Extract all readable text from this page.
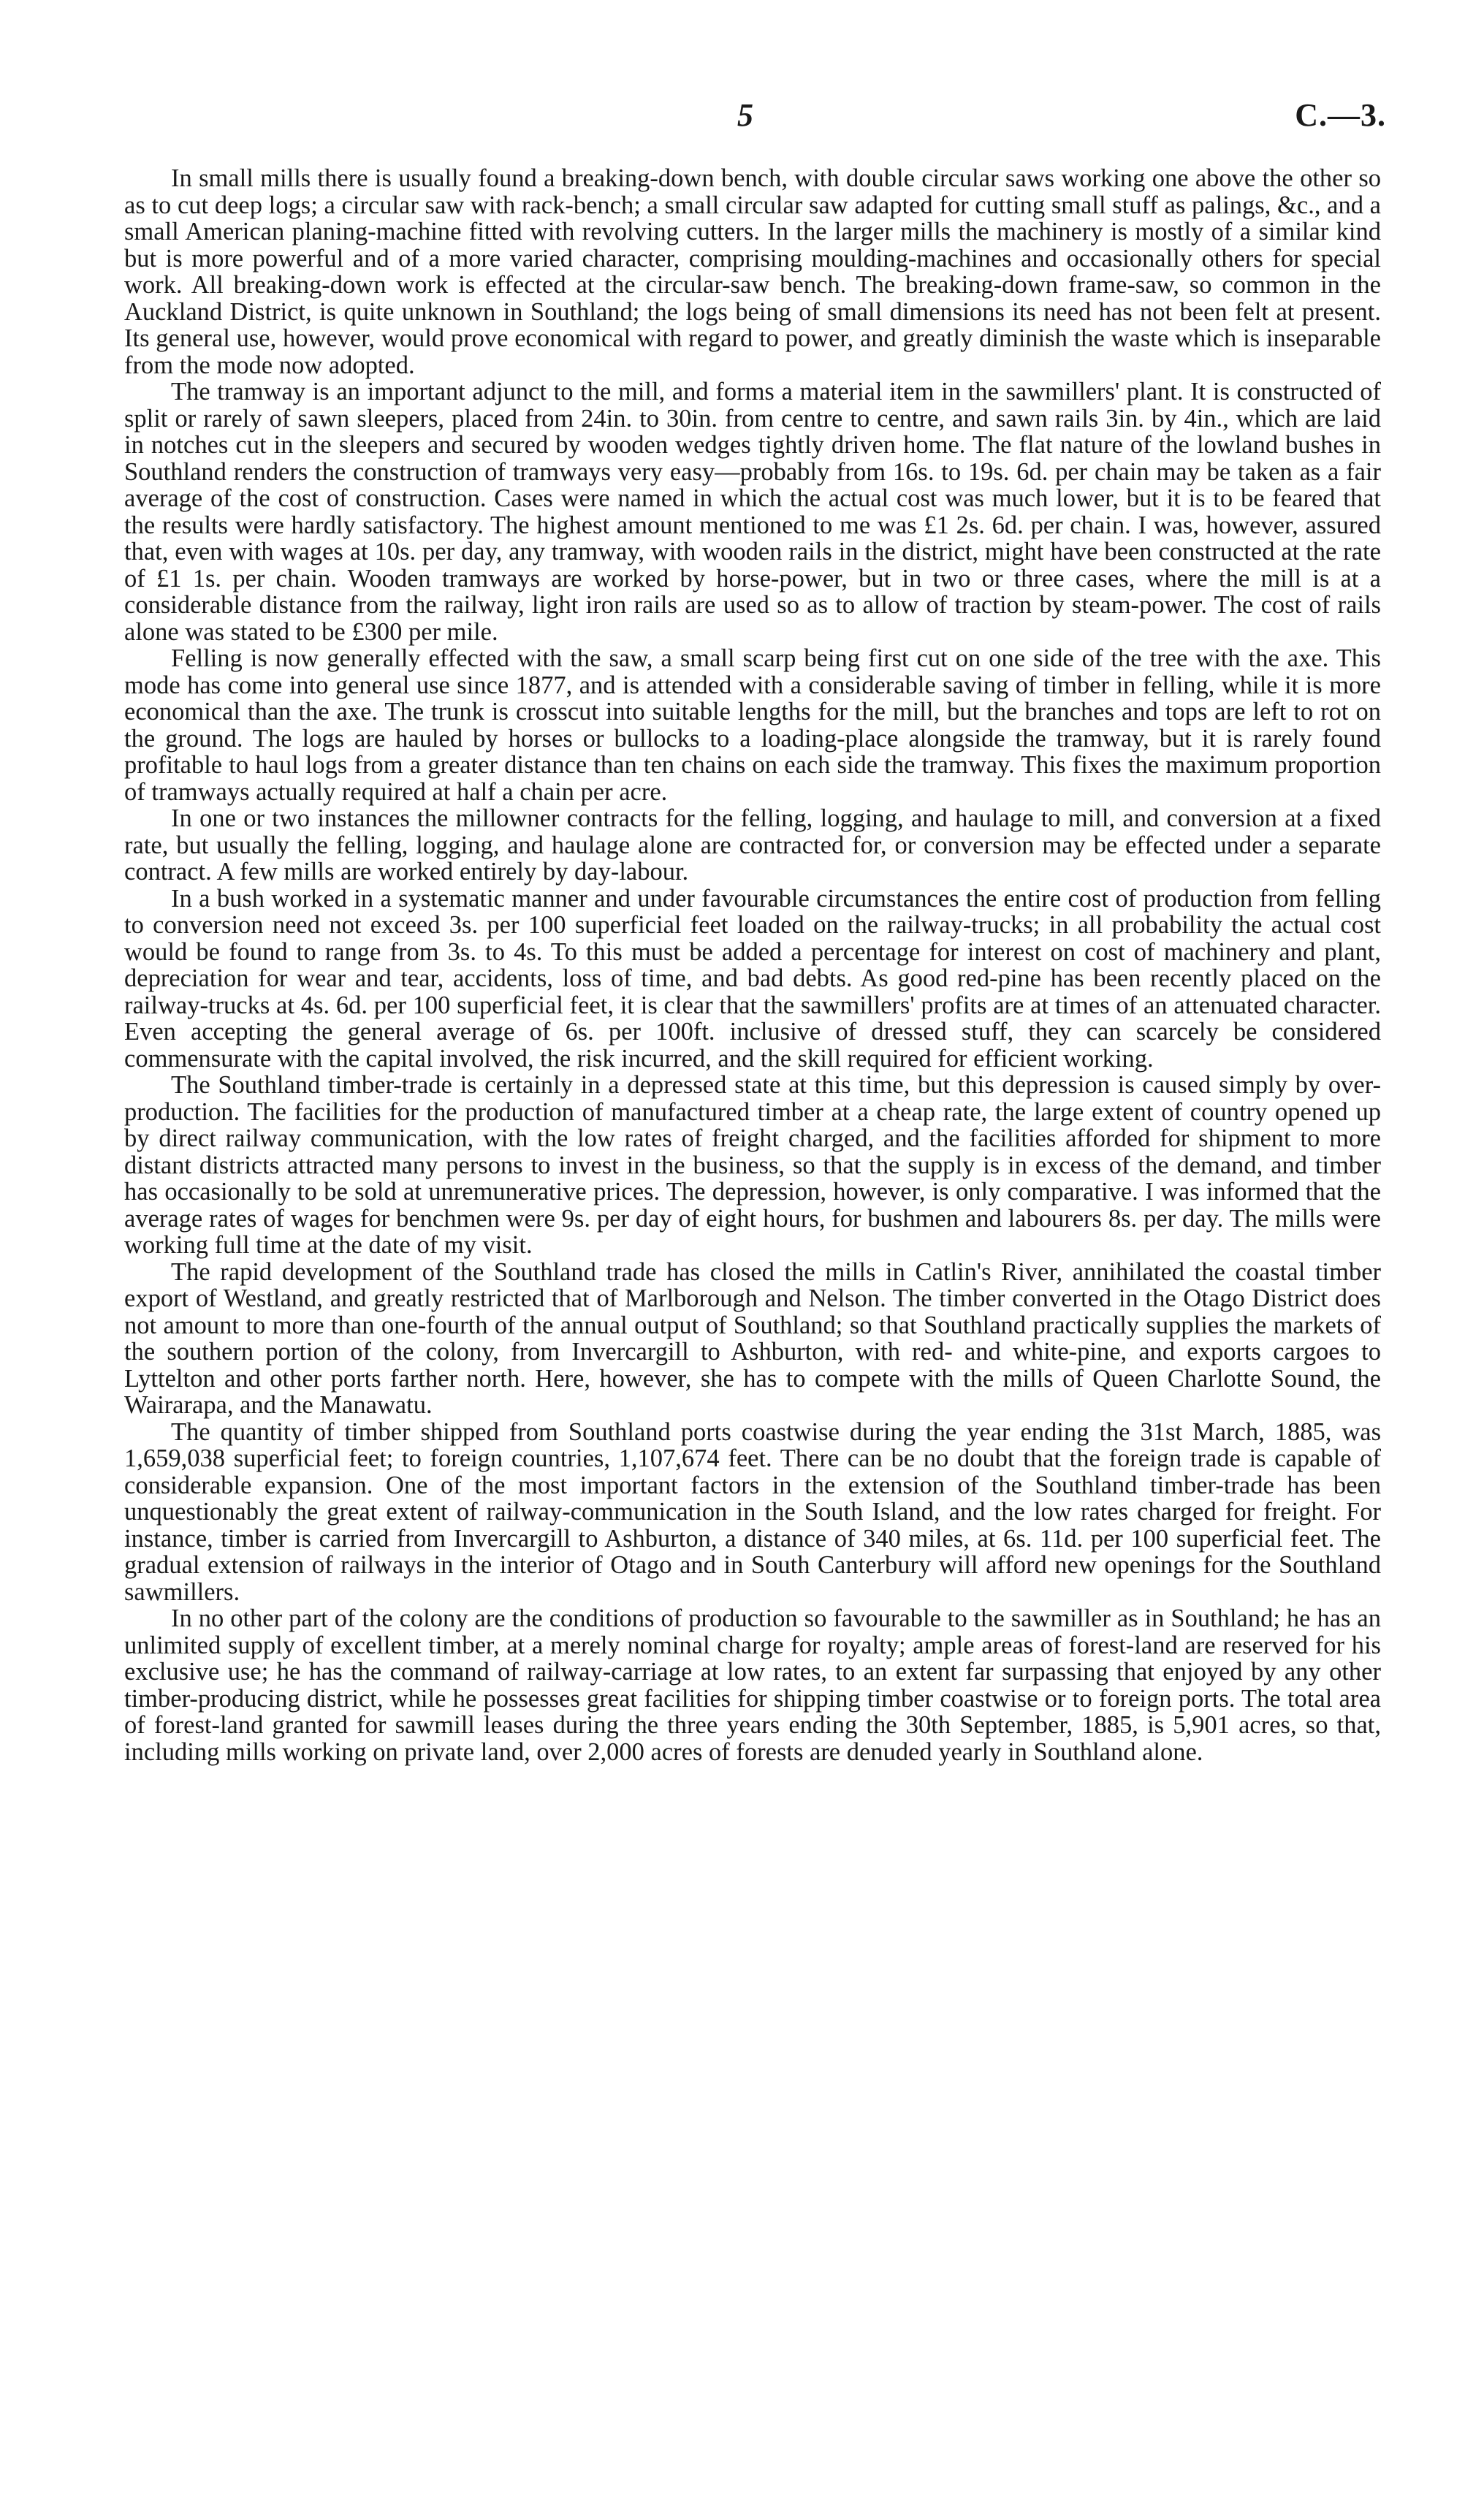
5	C.—3.

In small mills there is usually found a breaking-down bench, with double circular saws working one above the other so as to cut deep logs; a circular saw with rack-bench; a small circular saw adapted for cutting small stuff as palings, &c., and a small American planing-machine fitted with revolving cutters. In the larger mills the machinery is mostly of a similar kind but is more powerful and of a more varied character, comprising moulding-machines and occasionally others for special work. All breaking-down work is effected at the circular-saw bench. The breaking-down frame-saw, so common in the Auckland District, is quite unknown in Southland; the logs being of small dimensions its need has not been felt at present. Its general use, however, would prove economical with regard to power, and greatly diminish the waste which is inseparable from the mode now adopted.

The tramway is an important adjunct to the mill, and forms a material item in the sawmillers' plant. It is constructed of split or rarely of sawn sleepers, placed from 24in. to 30in. from centre to centre, and sawn rails 3in. by 4in., which are laid in notches cut in the sleepers and secured by wooden wedges tightly driven home. The flat nature of the lowland bushes in Southland renders the construction of tramways very easy—probably from 16s. to 19s. 6d. per chain may be taken as a fair average of the cost of construction. Cases were named in which the actual cost was much lower, but it is to be feared that the results were hardly satisfactory. The highest amount mentioned to me was £1 2s. 6d. per chain. I was, however, assured that, even with wages at 10s. per day, any tramway, with wooden rails in the district, might have been constructed at the rate of £1 1s. per chain. Wooden tramways are worked by horse-power, but in two or three cases, where the mill is at a considerable distance from the railway, light iron rails are used so as to allow of traction by steam-power. The cost of rails alone was stated to be £300 per mile.

Felling is now generally effected with the saw, a small scarp being first cut on one side of the tree with the axe. This mode has come into general use since 1877, and is attended with a considerable saving of timber in felling, while it is more economical than the axe. The trunk is crosscut into suitable lengths for the mill, but the branches and tops are left to rot on the ground. The logs are hauled by horses or bullocks to a loading-place alongside the tramway, but it is rarely found profitable to haul logs from a greater distance than ten chains on each side the tramway. This fixes the maximum proportion of tramways actually required at half a chain per acre.

In one or two instances the millowner contracts for the felling, logging, and haulage to mill, and conversion at a fixed rate, but usually the felling, logging, and haulage alone are contracted for, or conversion may be effected under a separate contract. A few mills are worked entirely by day-labour.

In a bush worked in a systematic manner and under favourable circumstances the entire cost of production from felling to conversion need not exceed 3s. per 100 superficial feet loaded on the railway-trucks; in all probability the actual cost would be found to range from 3s. to 4s. To this must be added a percentage for interest on cost of machinery and plant, depreciation for wear and tear, accidents, loss of time, and bad debts. As good red-pine has been recently placed on the railway-trucks at 4s. 6d. per 100 superficial feet, it is clear that the sawmillers' profits are at times of an attenuated character. Even accepting the general average of 6s. per 100ft. inclusive of dressed stuff, they can scarcely be considered commensurate with the capital involved, the risk incurred, and the skill required for efficient working.

The Southland timber-trade is certainly in a depressed state at this time, but this depression is caused simply by over-production. The facilities for the production of manufactured timber at a cheap rate, the large extent of country opened up by direct railway communication, with the low rates of freight charged, and the facilities afforded for shipment to more distant districts attracted many persons to invest in the business, so that the supply is in excess of the demand, and timber has occasionally to be sold at unremunerative prices. The depression, however, is only comparative. I was informed that the average rates of wages for benchmen were 9s. per day of eight hours, for bushmen and labourers 8s. per day. The mills were working full time at the date of my visit.

The rapid development of the Southland trade has closed the mills in Catlin's River, annihilated the coastal timber export of Westland, and greatly restricted that of Marlborough and Nelson. The timber converted in the Otago District does not amount to more than one-fourth of the annual output of Southland; so that Southland practically supplies the markets of the southern portion of the colony, from Invercargill to Ashburton, with red- and white-pine, and exports cargoes to Lyttelton and other ports farther north. Here, however, she has to compete with the mills of Queen Charlotte Sound, the Wairarapa, and the Manawatu.

The quantity of timber shipped from Southland ports coastwise during the year ending the 31st March, 1885, was 1,659,038 superficial feet; to foreign countries, 1,107,674 feet. There can be no doubt that the foreign trade is capable of considerable expansion. One of the most important factors in the extension of the Southland timber-trade has been unquestionably the great extent of railway-communication in the South Island, and the low rates charged for freight. For instance, timber is carried from Invercargill to Ashburton, a distance of 340 miles, at 6s. 11d. per 100 superficial feet. The gradual extension of railways in the interior of Otago and in South Canterbury will afford new openings for the Southland sawmillers.

In no other part of the colony are the conditions of production so favourable to the sawmiller as in Southland; he has an unlimited supply of excellent timber, at a merely nominal charge for royalty; ample areas of forest-land are reserved for his exclusive use; he has the command of railway-carriage at low rates, to an extent far surpassing that enjoyed by any other timber-producing district, while he possesses great facilities for shipping timber coastwise or to foreign ports. The total area of forest-land granted for sawmill leases during the three years ending the 30th September, 1885, is 5,901 acres, so that, including mills working on private land, over 2,000 acres of forests are denuded yearly in Southland alone.
